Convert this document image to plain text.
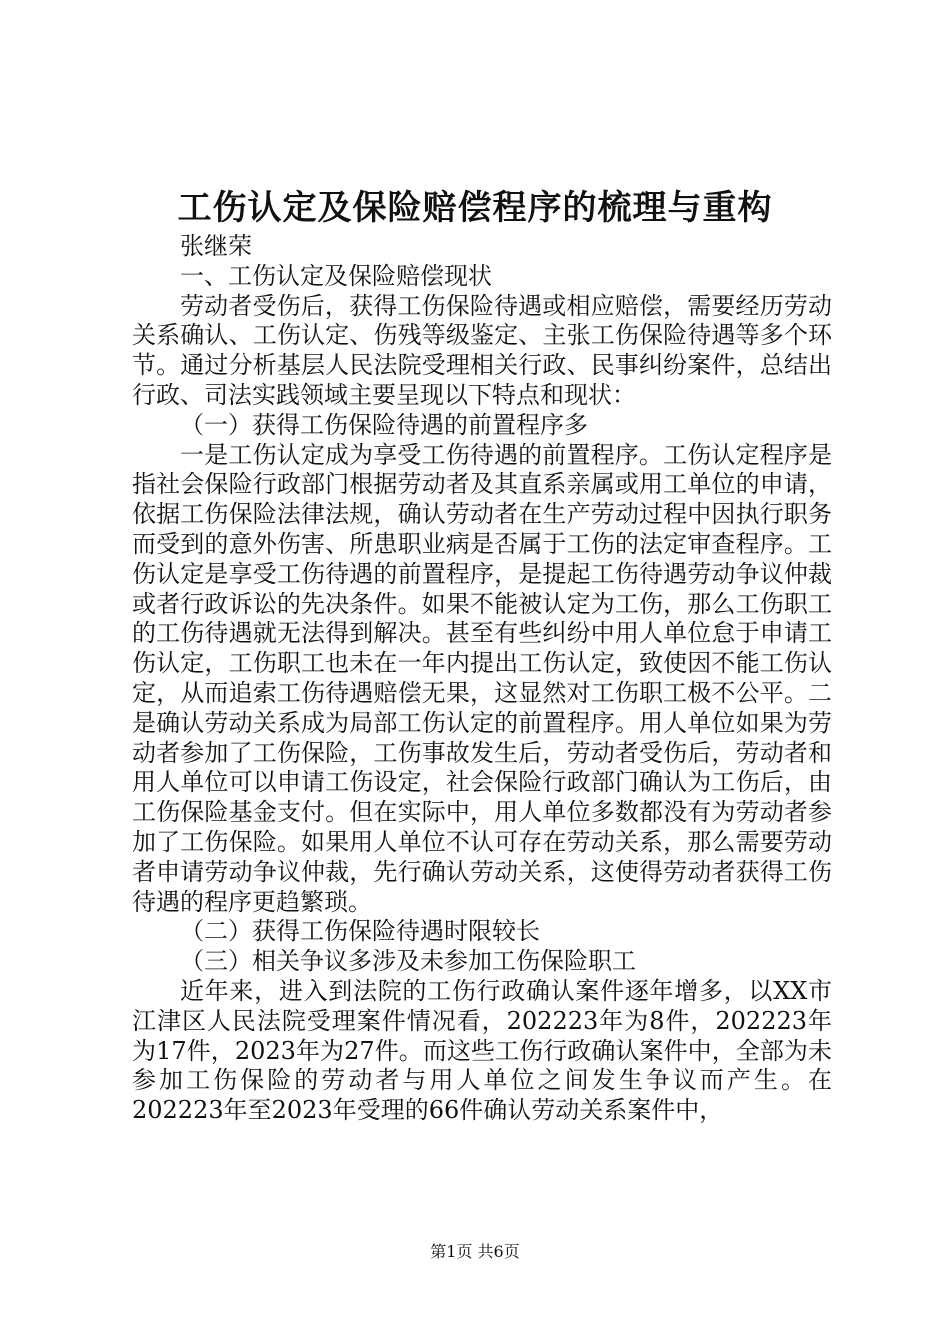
工伤认定及保险赔偿程序的梳理与重构

张继荣

一、工伤认定及保险赔偿现状

劳动者受伤后，获得工伤保险待遇或相应赔偿，需要经历劳动关系确认、工伤认定、伤残等级鉴定、主张工伤保险待遇等多个环节。通过分析基层人民法院受理相关行政、民事纠纷案件，总结出行政、司法实践领域主要呈现以下特点和现状：

（一）获得工伤保险待遇的前置程序多

一是工伤认定成为享受工伤待遇的前置程序。工伤认定程序是指社会保险行政部门根据劳动者及其直系亲属或用工单位的申请，依据工伤保险法律法规，确认劳动者在生产劳动过程中因执行职务而受到的意外伤害、所患职业病是否属于工伤的法定审查程序。工伤认定是享受工伤待遇的前置程序，是提起工伤待遇劳动争议仲裁或者行政诉讼的先决条件。如果不能被认定为工伤，那么工伤职工的工伤待遇就无法得到解决。甚至有些纠纷中用人单位怠于申请工伤认定，工伤职工也未在一年内提出工伤认定，致使因不能工伤认定，从而追索工伤待遇赔偿无果，这显然对工伤职工极不公平。二是确认劳动关系成为局部工伤认定的前置程序。用人单位如果为劳动者参加了工伤保险，工伤事故发生后，劳动者受伤后，劳动者和用人单位可以申请工伤设定，社会保险行政部门确认为工伤后，由工伤保险基金支付。但在实际中，用人单位多数都没有为劳动者参加了工伤保险。如果用人单位不认可存在劳动关系，那么需要劳动者申请劳动争议仲裁，先行确认劳动关系，这使得劳动者获得工伤待遇的程序更趋繁琐。

（二）获得工伤保险待遇时限较长

（三）相关争议多涉及未参加工伤保险职工

近年来，进入到法院的工伤行政确认案件逐年增多，以XX市江津区人民法院受理案件情况看，202223年为8件，202223年为17件，2023年为27件。而这些工伤行政确认案件中，全部为未参加工伤保险的劳动者与用人单位之间发生争议而产生。在202223年至2023年受理的66件确认劳动关系案件中，

第1页 共6页
